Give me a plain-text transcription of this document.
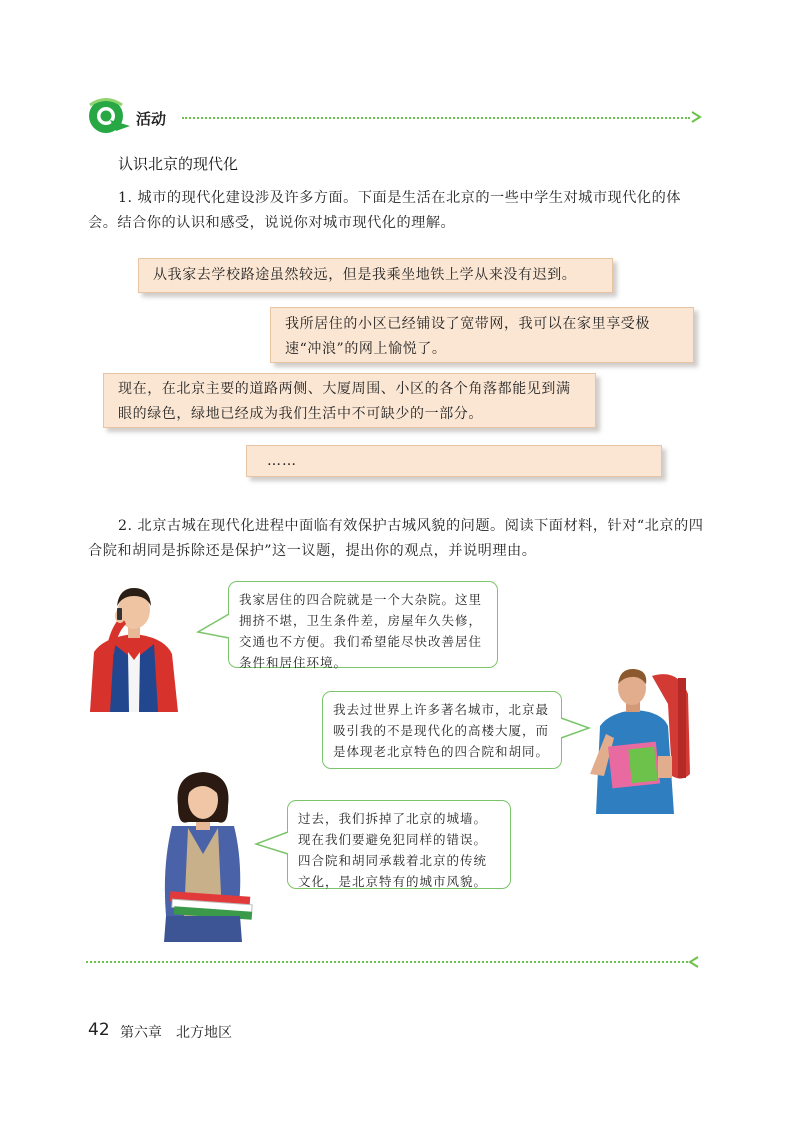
活动
认识北京的现代化
1. 城市的现代化建设涉及许多方面。下面是生活在北京的一些中学生对城市现代化的体会。结合你的认识和感受，说说你对城市现代化的理解。
从我家去学校路途虽然较远，但是我乘坐地铁上学从来没有迟到。
我所居住的小区已经铺设了宽带网，我可以在家里享受极速“冲浪”的网上愉悦了。
现在，在北京主要的道路两侧、大厦周围、小区的各个角落都能见到满眼的绿色，绿地已经成为我们生活中不可缺少的一部分。
……
2. 北京古城在现代化进程中面临有效保护古城风貌的问题。阅读下面材料，针对“北京的四合院和胡同是拆除还是保护”这一议题，提出你的观点，并说明理由。
我家居住的四合院就是一个大杂院。这里拥挤不堪，卫生条件差，房屋年久失修，交通也不方便。我们希望能尽快改善居住条件和居住环境。
我去过世界上许多著名城市，北京最吸引我的不是现代化的高楼大厦，而是体现老北京特色的四合院和胡同。
过去，我们拆掉了北京的城墙。现在我们要避免犯同样的错误。四合院和胡同承载着北京的传统文化，是北京特有的城市风貌。
42 第六章　北方地区
